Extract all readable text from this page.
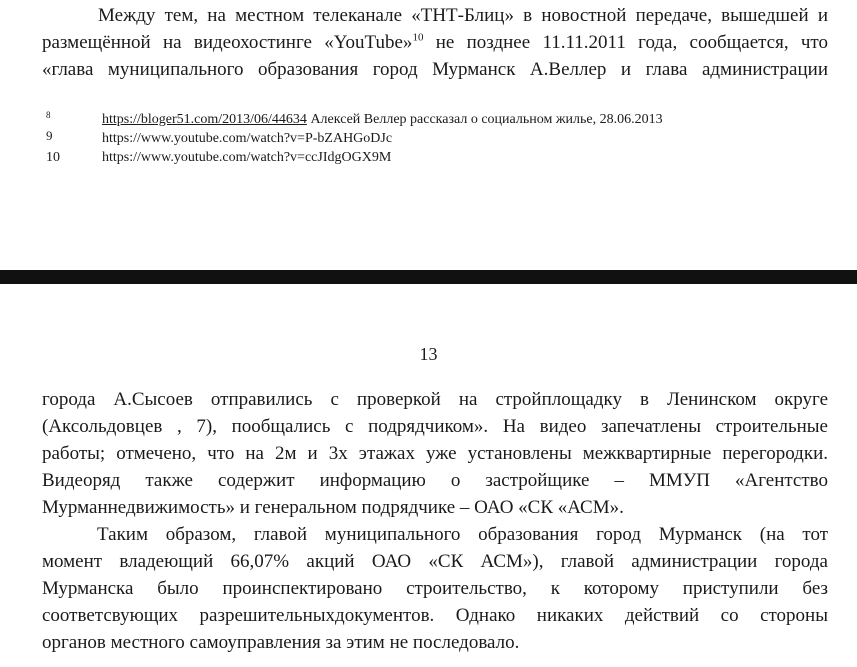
Между тем, на местном телеканале «ТНТ-Блиц» в новостной передаче, вышедшей и
размещённой на видеохостинге «YouTube»$^{10}$ не позднее 11.11.2011 года, сообщается, что
«глава муниципального образования город Мурманск А.Веллер и глава администрации
8	https://bloger51.com/2013/06/44634 Алексей Веллер рассказал о социальном жилье, 28.06.2013
9	https://www.youtube.com/watch?v=P-bZAHGoDJc
10	https://www.youtube.com/watch?v=ccJIdgOGX9M
13
города А.Сысоев отправились с проверкой на стройплощадку в Ленинском округе
(Аксольдовцев , 7), пообщались с подрядчиком». На видео запечатлены строительные
работы; отмечено, что на 2м и 3х этажах уже установлены межквартирные перегородки.
Видеоряд также содержит информацию о застройщике – ММУП «Агентство
Мурманнедвижимость» и генеральном подрядчике – ОАО «СК «АСМ».
Таким образом, главой муниципального образования город Мурманск (на тот
момент владеющий 66,07% акций ОАО «СК АСМ»), главой администрации города
Мурманска было проинспектировано строительство, к которому приступили без
соответсвующих разрешительныхдокументов. Однако никаких действий со стороны
органов местного самоуправления за этим не последовало.
